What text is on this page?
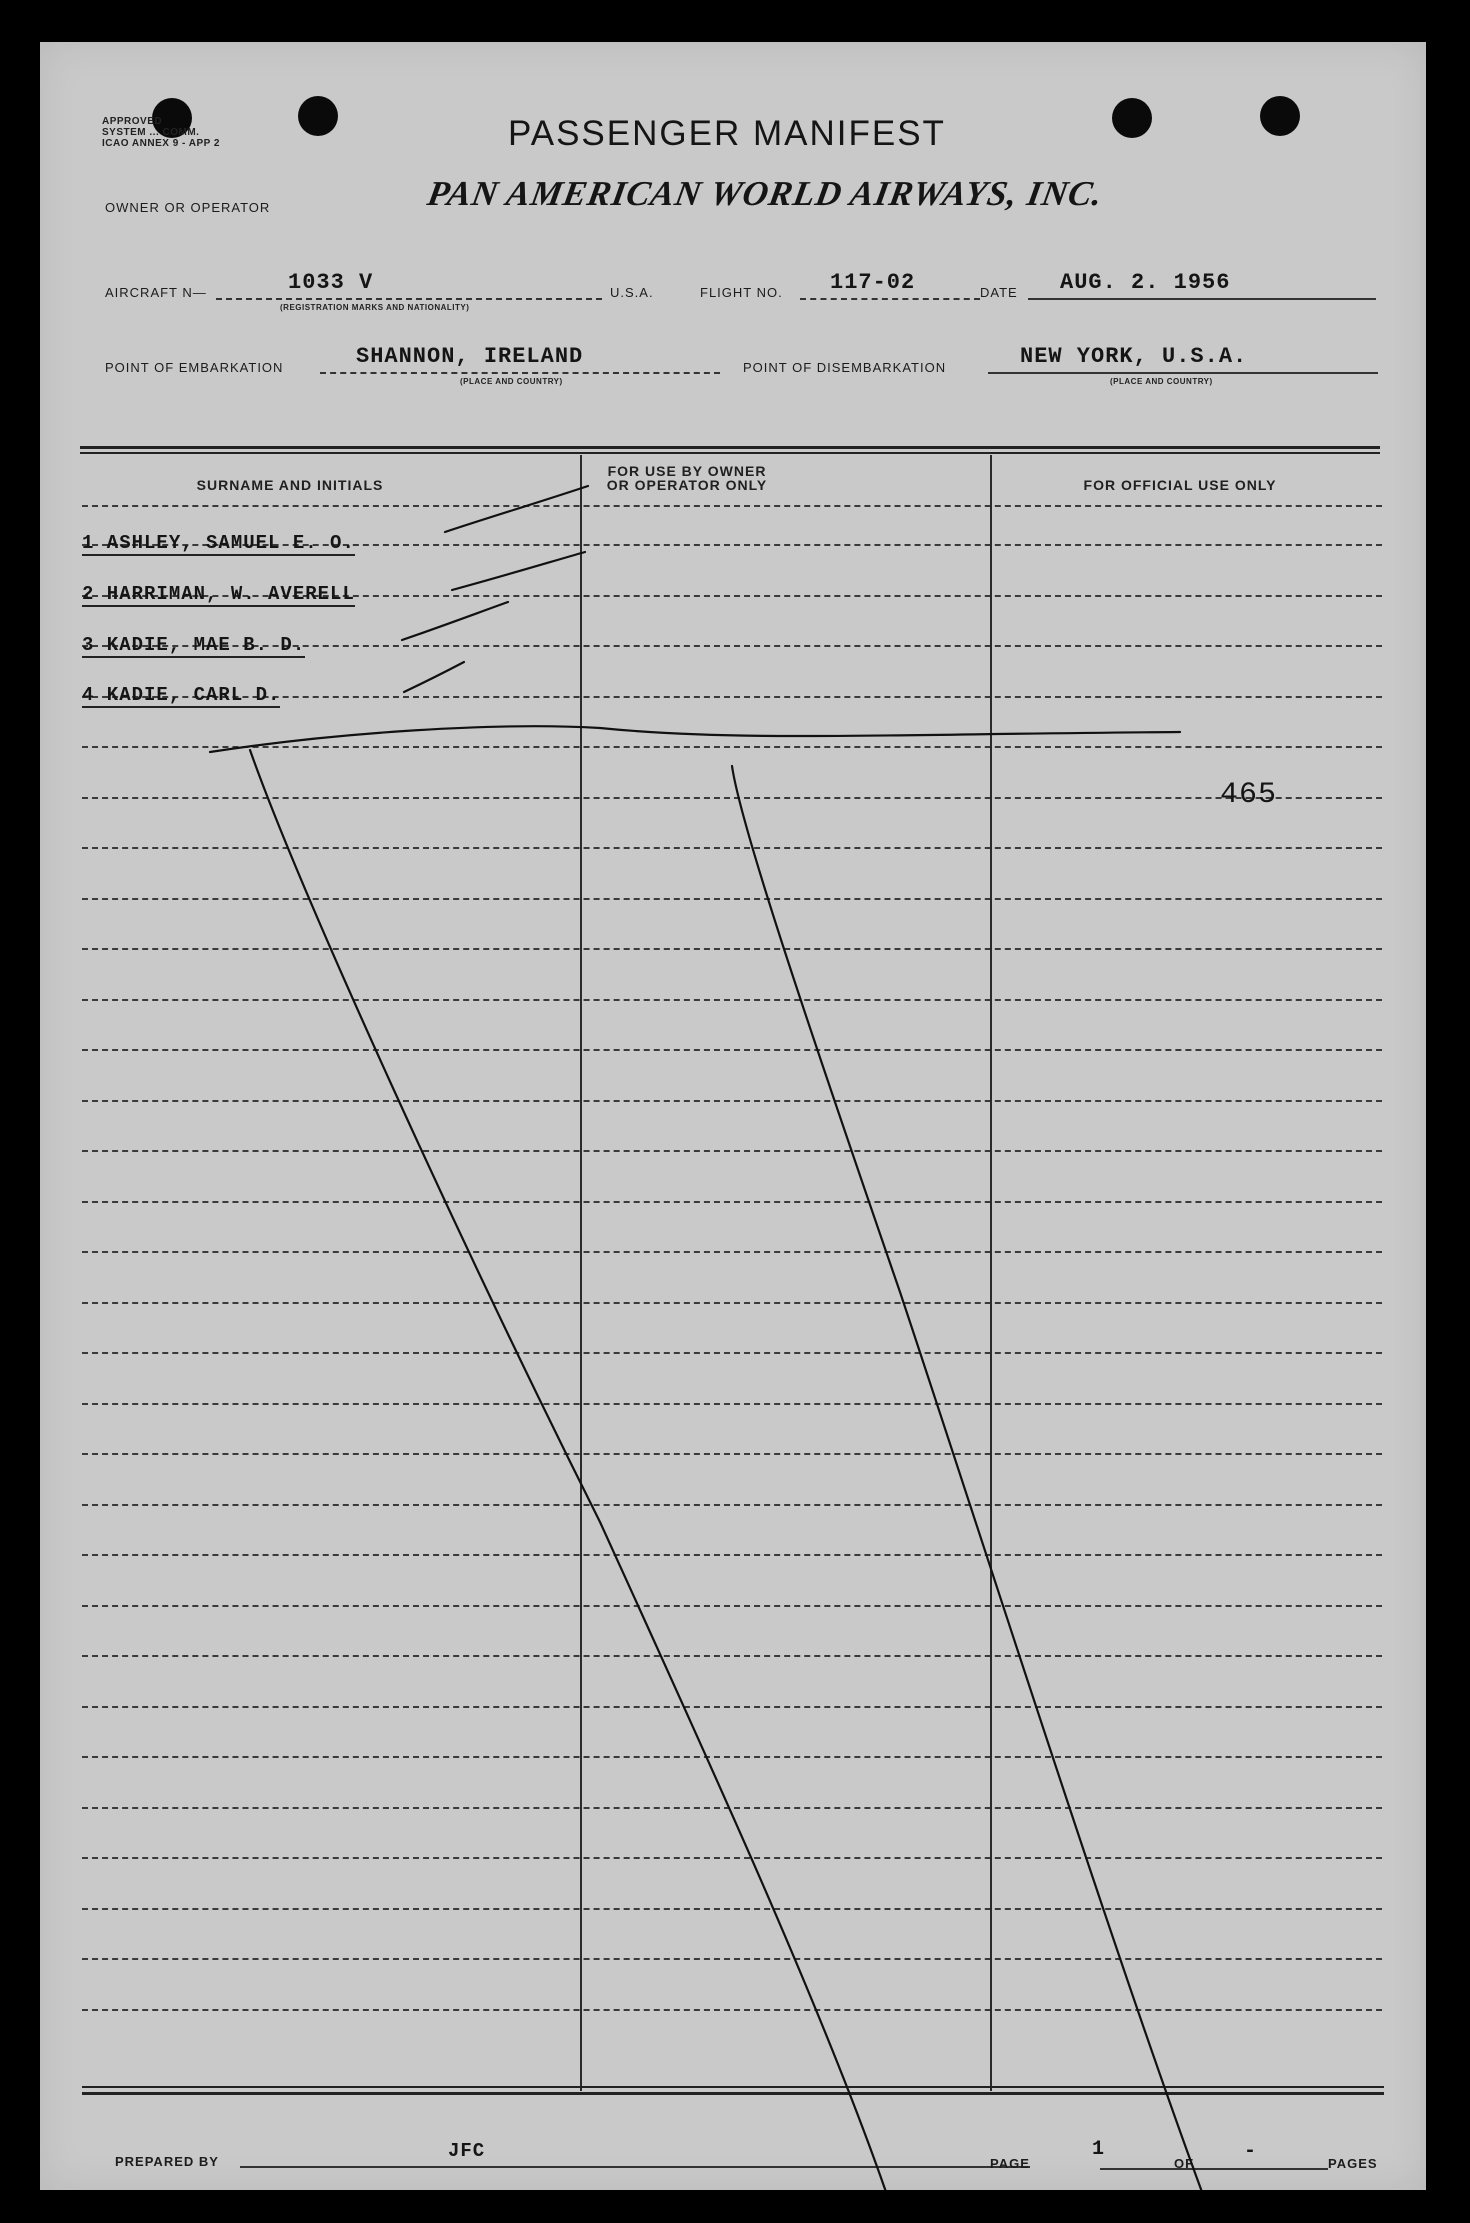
APPROVED
SYSTEM ... COMM.
ICAO ANNEX 9 - APP 2
OWNER OR OPERATOR
PASSENGER MANIFEST
PAN AMERICAN WORLD AIRWAYS, INC.
AIRCRAFT N—	1033 V
(REGISTRATION MARKS AND NATIONALITY)
U.S.A.	FLIGHT NO. 117-02	DATE AUG. 2. 1956
POINT OF EMBARKATION	SHANNON, IRELAND
(PLACE AND COUNTRY)
POINT OF DISEMBARKATION	NEW YORK, U.S.A.
(PLACE AND COUNTRY)
SURNAME AND INITIALS
FOR USE BY OWNER
OR OPERATOR ONLY	FOR OFFICIAL USE ONLY
1 ASHLEY, SAMUEL E. O.
2 HARRIMAN, W. AVERELL
3 KADIE, MAE B. D.
4 KADIE, CARL D.
465
PREPARED BY	JFC
PAGE
1
OF
-
PAGES
